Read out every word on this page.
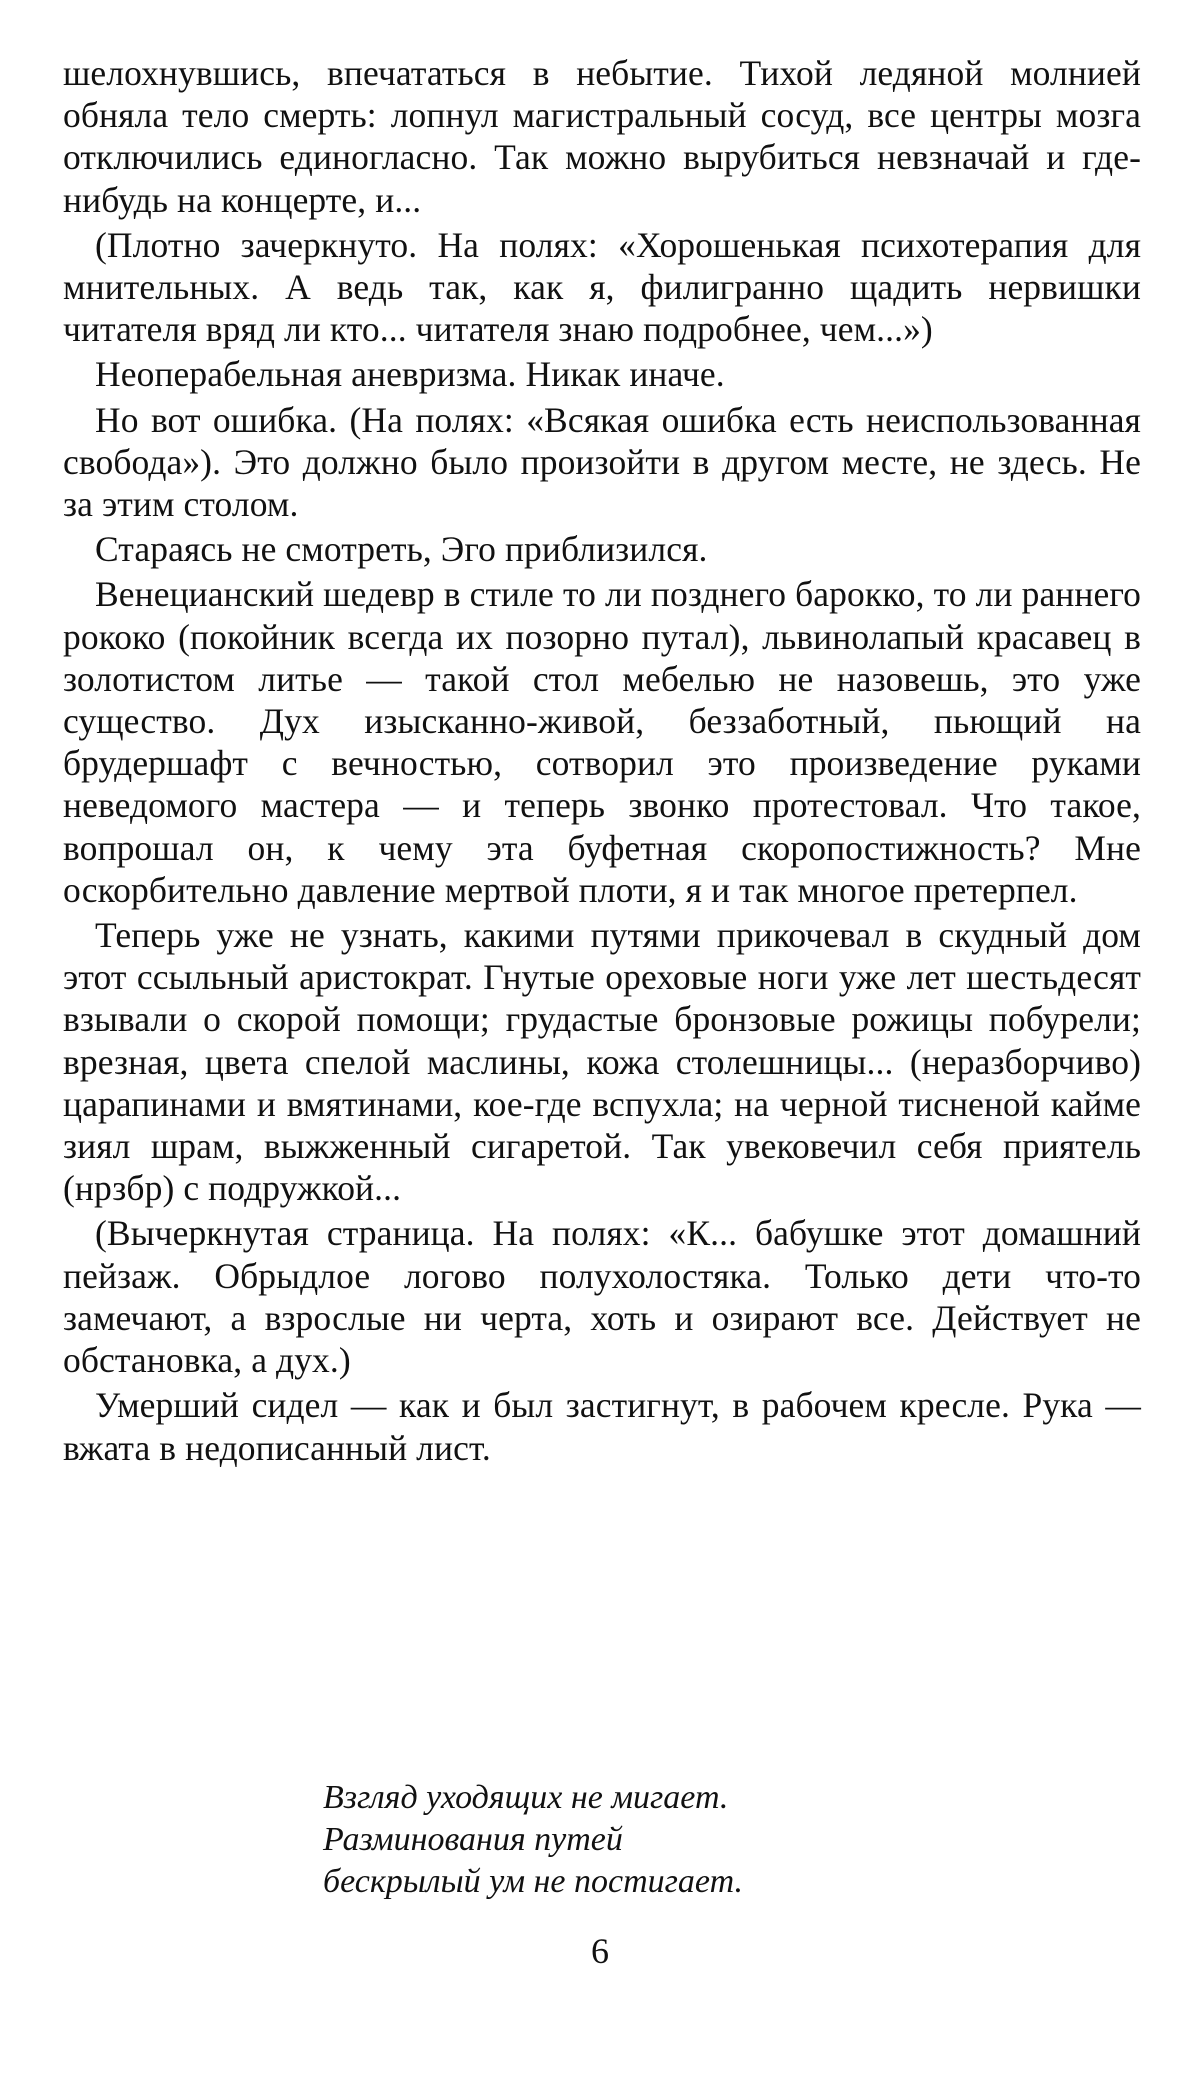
шелохнувшись, впечататься в небытие. Тихой ледяной молнией обняла тело смерть: лопнул магистральный сосуд, все центры мозга отключились единогласно. Так можно вырубиться невзначай и где-нибудь на концерте, и...

(Плотно зачеркнуто. На полях: «Хорошенькая психотерапия для мнительных. А ведь так, как я, филигранно щадить нервишки читателя вряд ли кто... читателя знаю подробнее, чем...»)

Неоперабельная аневризма. Никак иначе.

Но вот ошибка. (На полях: «Всякая ошибка есть неиспользованная свобода»). Это должно было произойти в другом месте, не здесь. Не за этим столом.

Стараясь не смотреть, Эго приблизился.

Венецианский шедевр в стиле то ли позднего барокко, то ли раннего рококо (покойник всегда их позорно путал), львинолапый красавец в золотистом литье — такой стол мебелью не назовешь, это уже существо. Дух изысканно-живой, беззаботный, пьющий на брудершафт с вечностью, сотворил это произведение руками неведомого мастера — и теперь звонко протестовал. Что такое, вопрошал он, к чему эта буфетная скоропостижность? Мне оскорбительно давление мертвой плоти, я и так многое претерпел.

Теперь уже не узнать, какими путями прикочевал в скудный дом этот ссыльный аристократ. Гнутые ореховые ноги уже лет шестьдесят взывали о скорой помощи; грудастые бронзовые рожицы побурели; врезная, цвета спелой маслины, кожа столешницы... (неразборчиво) царапинами и вмятинами, кое-где вспухла; на черной тисненой кайме зиял шрам, выжженный сигаретой. Так увековечил себя приятель (нрзбр) с подружкой...

(Вычеркнутая страница. На полях: «К... бабушке этот домашний пейзаж. Обрыдлое логово полухолостяка. Только дети что-то замечают, а взрослые ни черта, хоть и озирают все. Действует не обстановка, а дух.)

Умерший сидел — как и был застигнут, в рабочем кресле. Рука — вжата в недописанный лист.

Взгляд уходящих не мигает.
Разминования путей
бескрылый ум не постигает.
6
